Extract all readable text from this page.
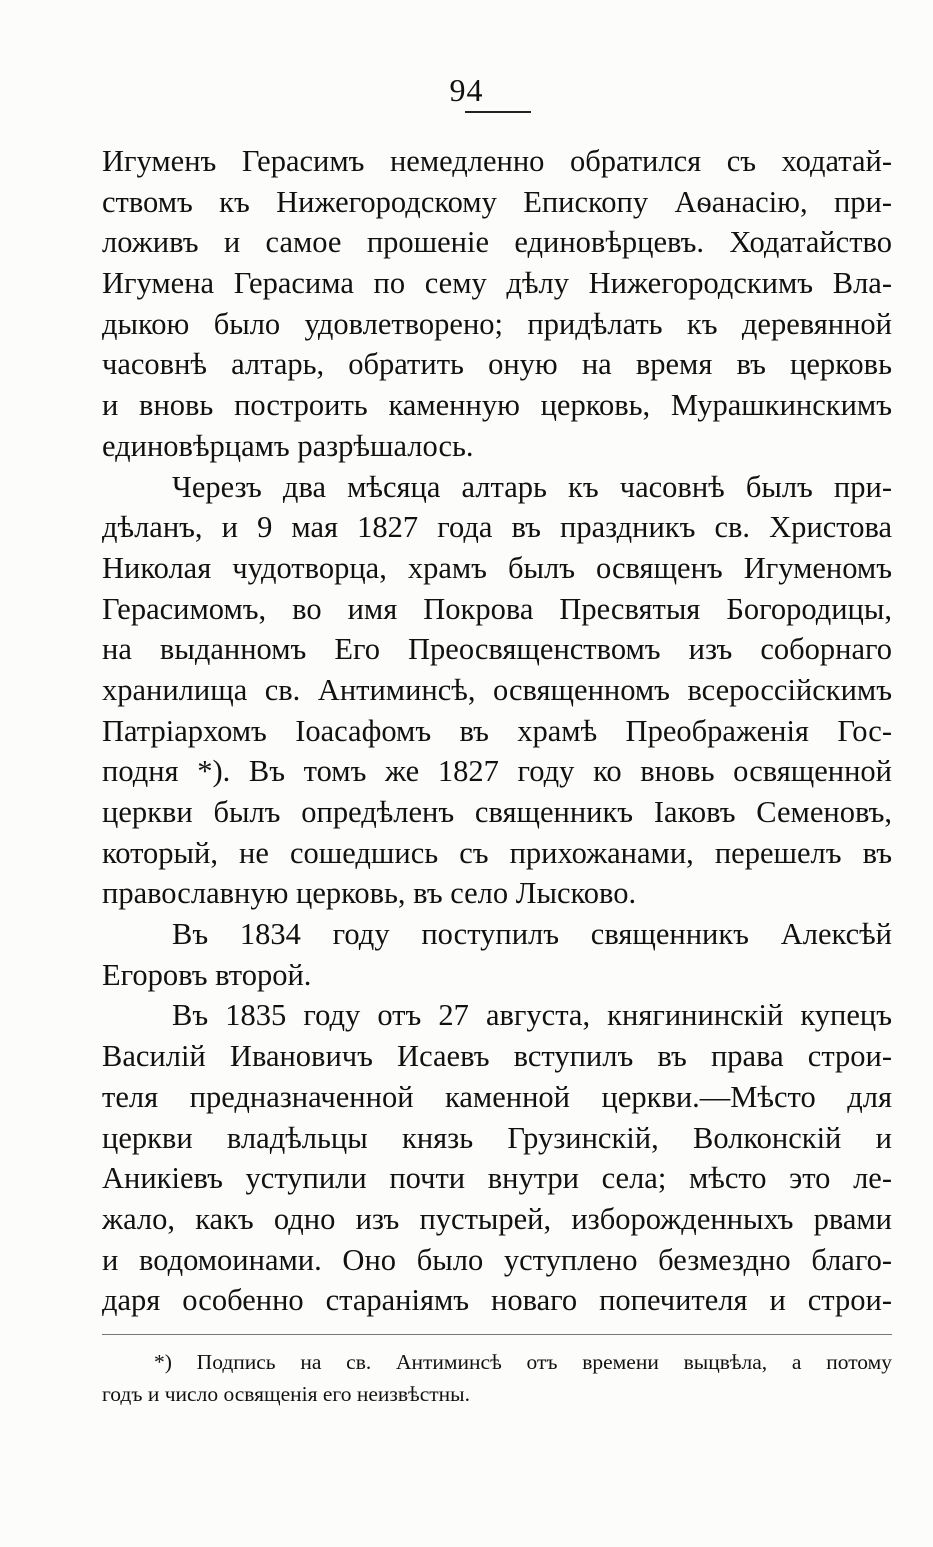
94
Игуменъ Герасимъ немедленно обратился съ ходатай-
ствомъ къ Нижегородскому Епископу Аѳанасію, при-
ложивъ и самое прошеніе единовѣрцевъ. Ходатайство
Игумена Герасима по сему дѣлу Нижегородскимъ Вла-
дыкою было удовлетворено; придѣлать къ деревянной
часовнѣ алтарь, обратить оную на время въ церковь
и вновь построить каменную церковь, Мурашкинскимъ
единовѣрцамъ разрѣшалось.
Черезъ два мѣсяца алтарь къ часовнѣ былъ при-
дѣланъ, и 9 мая 1827 года въ праздникъ св. Христова
Николая чудотворца, храмъ былъ освященъ Игуменомъ
Герасимомъ, во имя Покрова Пресвятыя Богородицы,
на выданномъ Его Преосвященствомъ изъ соборнаго
хранилища св. Антиминсѣ, освященномъ всероссійскимъ
Патріархомъ Іоасафомъ въ храмѣ Преображенія Гос-
подня *). Въ томъ же 1827 году ко вновь освященной
церкви былъ опредѣленъ священникъ Іаковъ Семеновъ,
который, не сошедшись съ прихожанами, перешелъ въ
православную церковь, въ село Лысково.
Въ 1834 году поступилъ священникъ Алексѣй
Егоровъ второй.
Въ 1835 году отъ 27 августа, княгининскій купецъ
Василій Ивановичъ Исаевъ вступилъ въ права строи-
теля предназначенной каменной церкви.—Мѣсто для
церкви владѣльцы князь Грузинскій, Волконскій и
Аникіевъ уступили почти внутри села; мѣсто это ле-
жало, какъ одно изъ пустырей, изборожденныхъ рвами
и водомоинами. Оно было уступлено безмездно благо-
даря особенно стараніямъ новаго попечителя и строи-
*) Подпись на св. Антиминсѣ отъ времени выцвѣла, а потому
годъ и число освященія его неизвѣстны.
